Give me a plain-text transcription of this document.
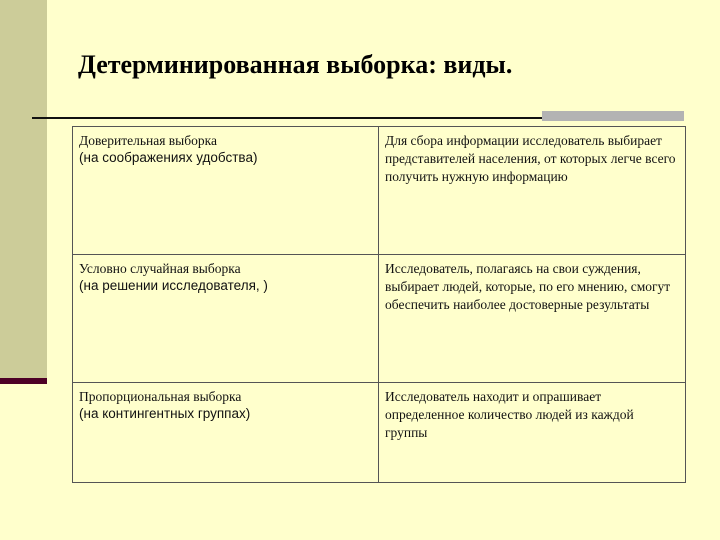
Детерминированная выборка: виды.
Доверительная выборка
(на соображениях удобства)	Для сбора информации исследователь выбирает представителей населения, от которых легче всего получить нужную информацию

Условно случайная выборка
(на решении исследователя, )	Исследователь, полагаясь на свои суждения, выбирает людей, которые, по его мнению, смогут обеспечить наиболее достоверные результаты

Пропорциональная выборка
(на контингентных группах)	Исследователь находит и опрашивает определенное количество людей из каждой группы
